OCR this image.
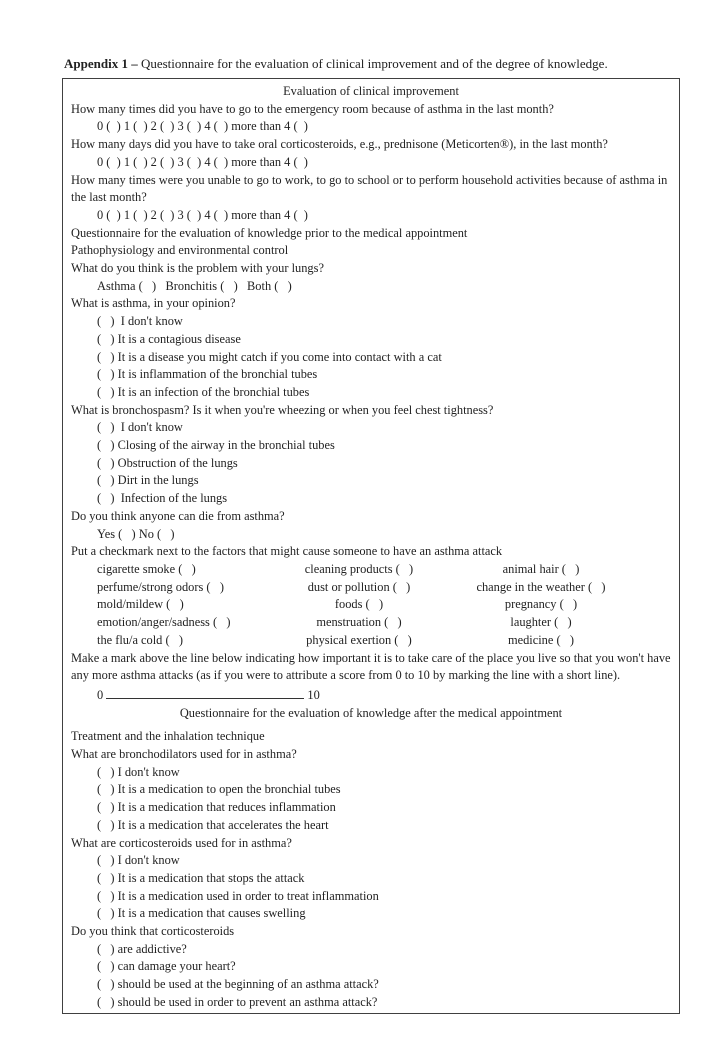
Appendix 1 – Questionnaire for the evaluation of clinical improvement and of the degree of knowledge.
Evaluation of clinical improvement
How many times did you have to go to the emergency room because of asthma in the last month?
0 (  ) 1 (  ) 2 (  ) 3 (  ) 4 (  ) more than 4 (  )
How many days did you have to take oral corticosteroids, e.g., prednisone (Meticorten®), in the last month?
0 (  ) 1 (  ) 2 (  ) 3 (  ) 4 (  ) more than 4 (  )
How many times were you unable to go to work, to go to school or to perform household activities because of asthma in the last month?
0 (  ) 1 (  ) 2 (  ) 3 (  ) 4 (  ) more than 4 (  )
Questionnaire for the evaluation of knowledge prior to the medical appointment
Pathophysiology and environmental control
What do you think is the problem with your lungs?
Asthma (   )   Bronchitis (   )   Both (   )
What is asthma, in your opinion?
(   )  I don't know
(   ) It is a contagious disease
(   ) It is a disease you might catch if you come into contact with a cat
(   ) It is inflammation of the bronchial tubes
(   ) It is an infection of the bronchial tubes
What is bronchospasm? Is it when you're wheezing or when you feel chest tightness?
(   )  I don't know
(   ) Closing of the airway in the bronchial tubes
(   ) Obstruction of the lungs
(   ) Dirt in the lungs
(   )  Infection of the lungs
Do you think anyone can die from asthma?
Yes (   ) No (   )
Put a checkmark next to the factors that might cause someone to have an asthma attack
cigarette smoke (   )	cleaning products (   )	animal hair (   )
perfume/strong odors (   )	dust or pollution (   )	change in the weather (   )
mold/mildew (   )	foods (   )	pregnancy (   )
emotion/anger/sadness (   )	menstruation (   )	laughter (   )
the flu/a cold (   )	physical exertion (   )	medicine (   )
Make a mark above the line below indicating how important it is to take care of the place you live so that you won't have any more asthma attacks (as if you were to attribute a score from 0 to 10 by marking the line with a short line).
0	10
Questionnaire for the evaluation of knowledge after the medical appointment
Treatment and the inhalation technique
What are bronchodilators used for in asthma?
(   ) I don't know
(   ) It is a medication to open the bronchial tubes
(   ) It is a medication that reduces inflammation
(   ) It is a medication that accelerates the heart
What are corticosteroids used for in asthma?
(   ) I don't know
(   ) It is a medication that stops the attack
(   ) It is a medication used in order to treat inflammation
(   ) It is a medication that causes swelling
Do you think that corticosteroids
(   ) are addictive?
(   ) can damage your heart?
(   ) should be used at the beginning of an asthma attack?
(   ) should be used in order to prevent an asthma attack?
